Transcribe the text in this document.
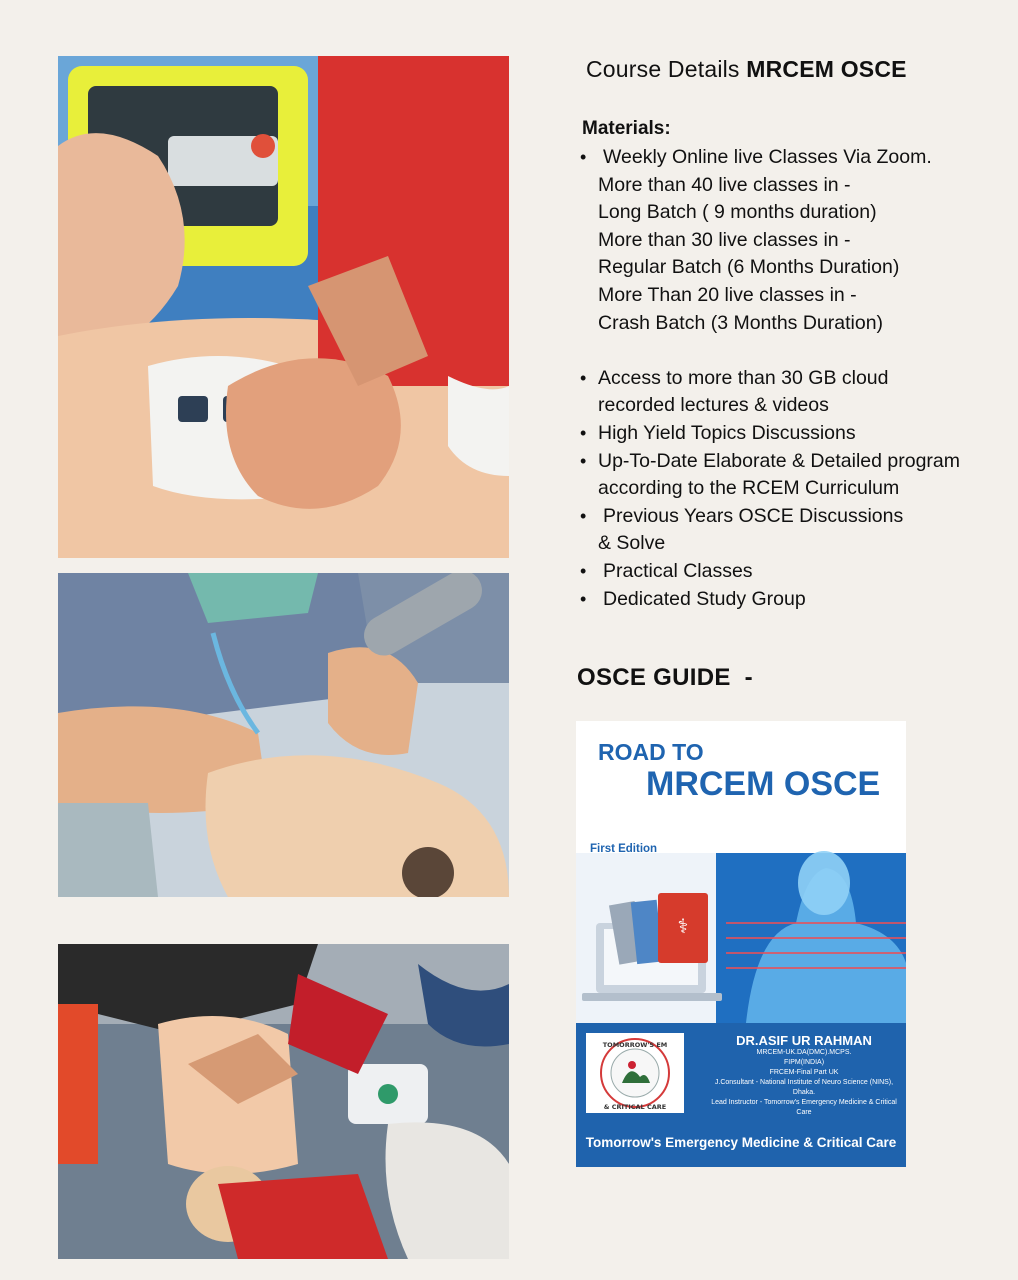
Course Details MRCEM OSCE
Materials:
• Weekly Online live Classes Via Zoom.
More than 40 live classes in -
Long Batch ( 9 months duration)
More than 30 live classes in -
Regular Batch (6 Months Duration)
More Than 20 live classes in -
Crash Batch (3 Months Duration)
• Access to more than 30 GB cloud
recorded lectures & videos
• High Yield Topics Discussions
• Up-To-Date Elaborate & Detailed program
according to the RCEM Curriculum
• Previous Years OSCE Discussions
& Solve
• Practical Classes
• Dedicated Study Group
OSCE GUIDE  -
ROAD TO
MRCEM OSCE
⚕
First Edition
TOMORROW'S EM
& CRITICAL CARE
DR.ASIF UR RAHMAN
MRCEM-UK.DA(DMC).MCPS.
FIPM(INDIA)
FRCEM-Final Part UK
J.Consultant - National Institute of Neuro Science (NINS), Dhaka.
Lead Instructor - Tomorrow's Emergency Medicine & Critical Care
Tomorrow's Emergency Medicine & Critical Care
